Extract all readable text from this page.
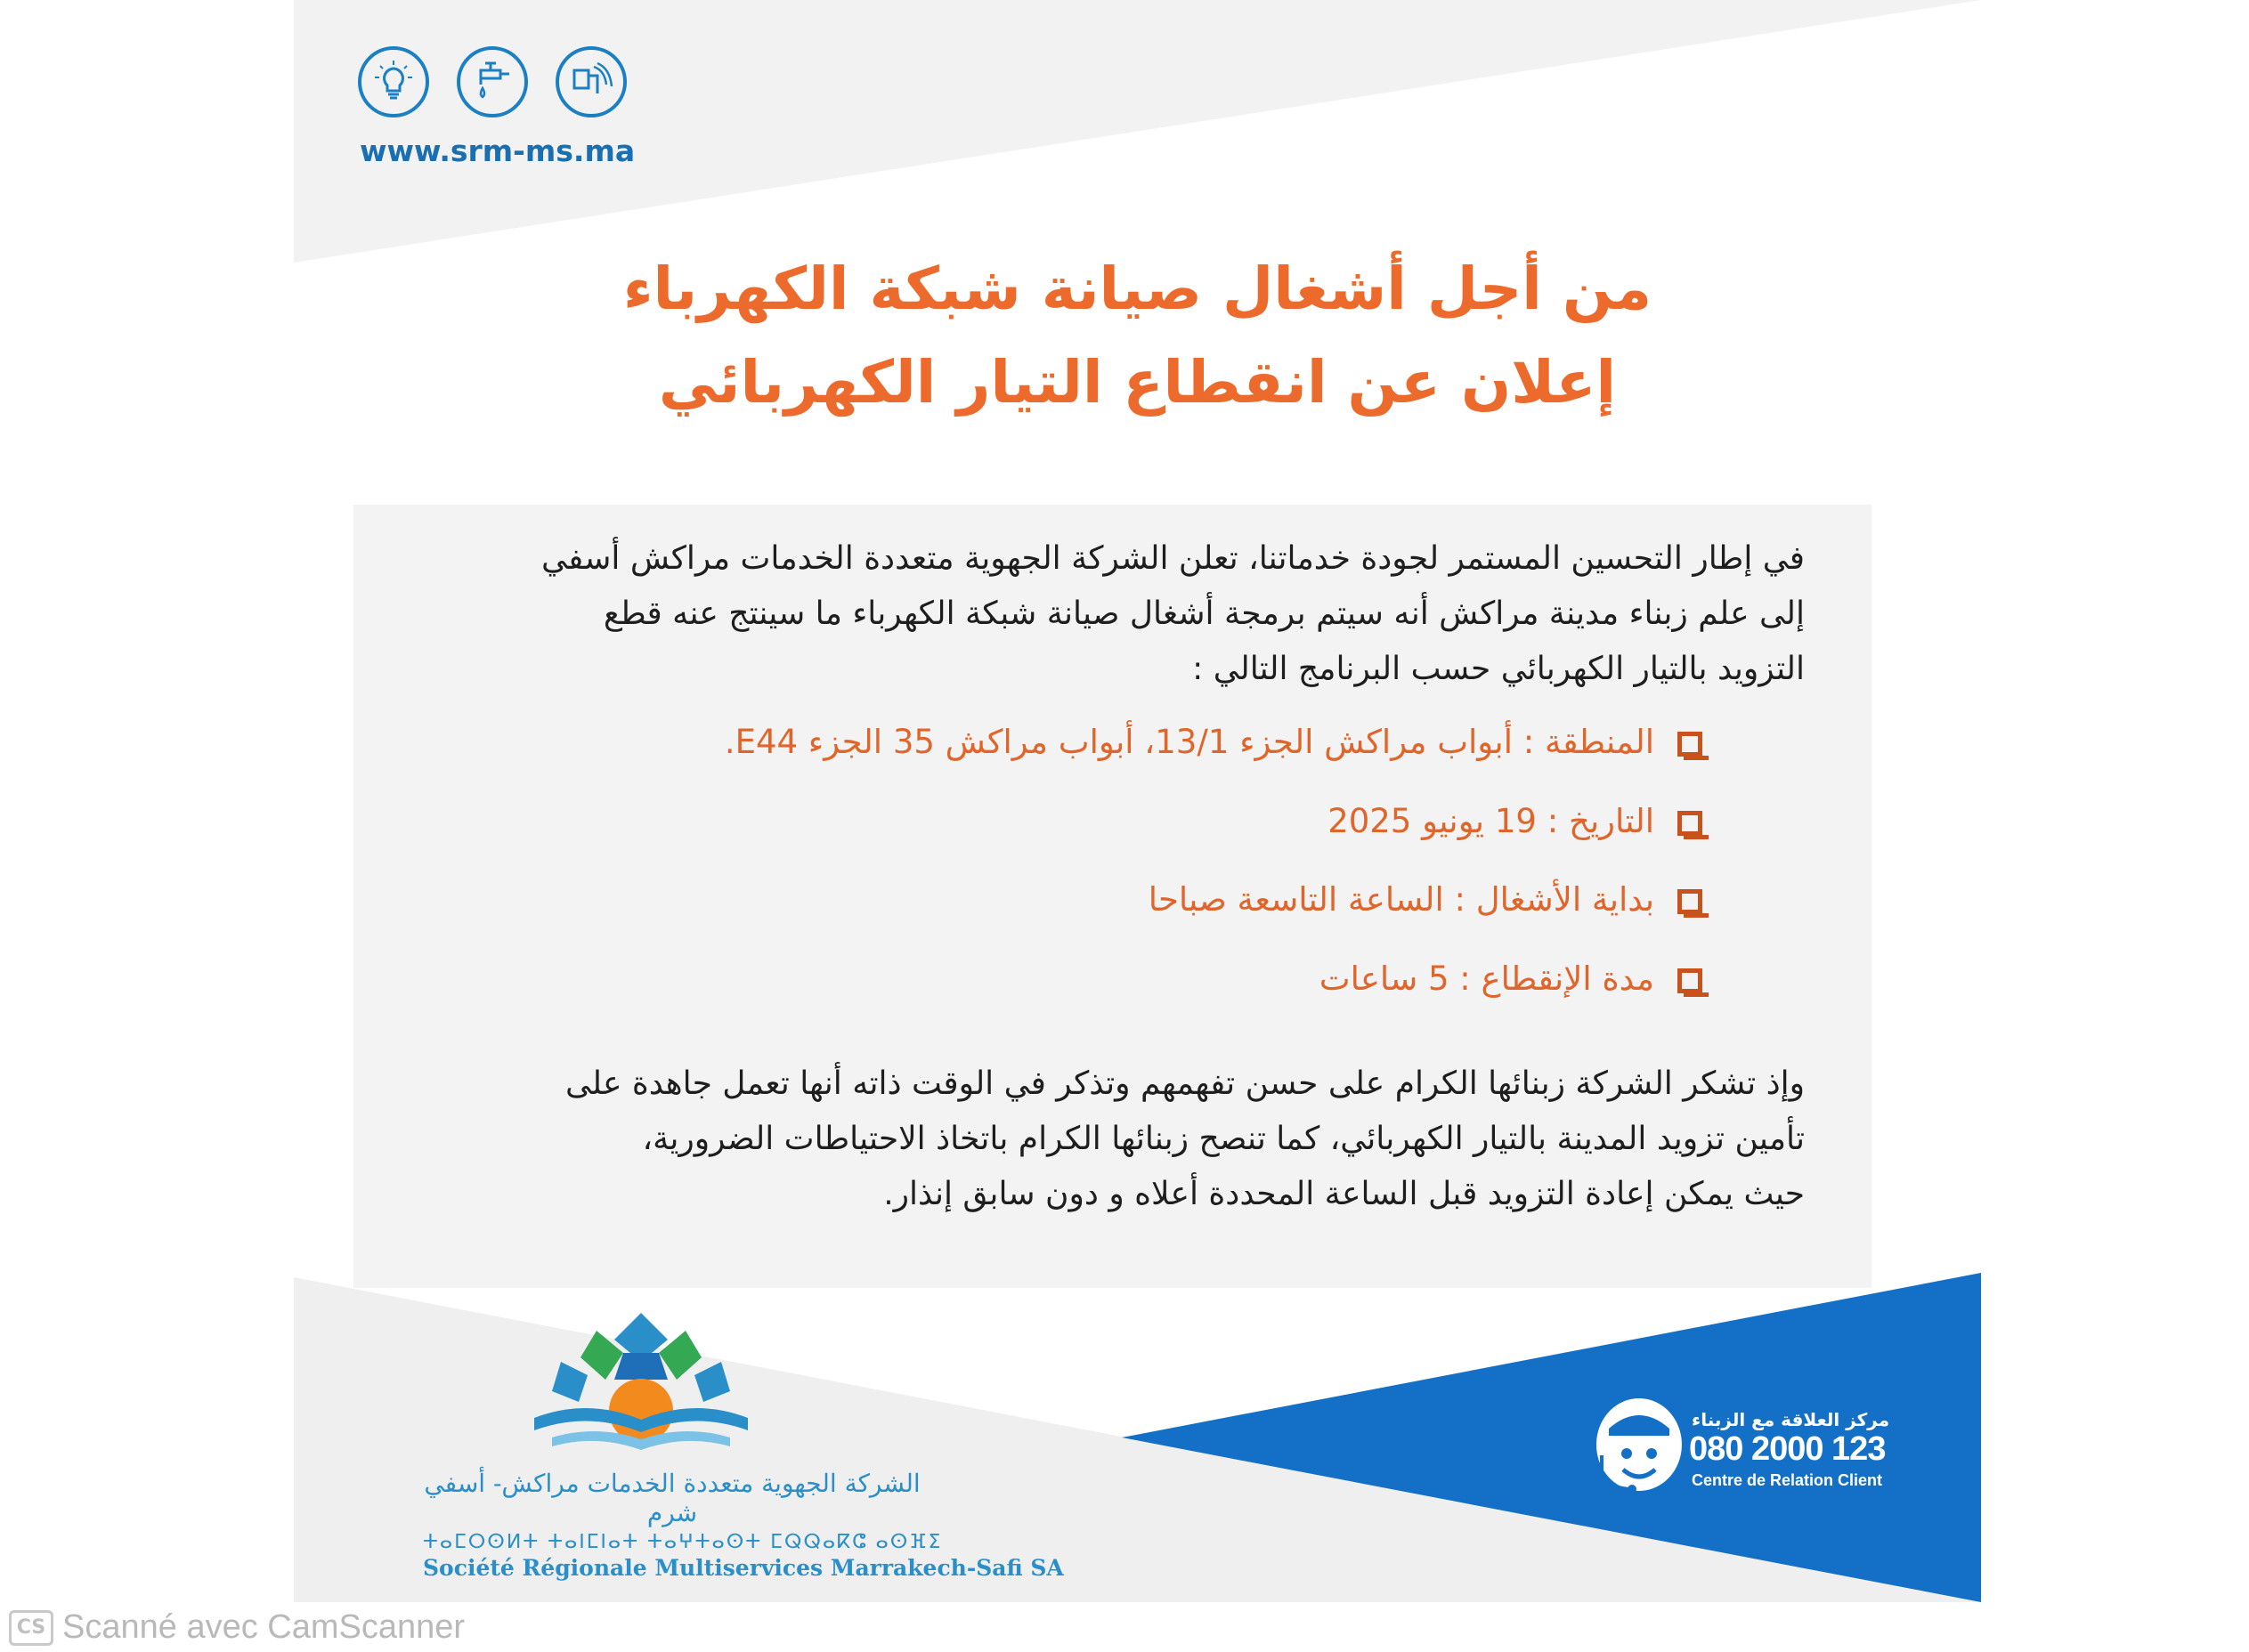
www.srm-ms.ma
من أجل أشغال صيانة شبكة الكهرباء
إعلان عن انقطاع التيار الكهربائي
في إطار التحسين المستمر لجودة خدماتنا، تعلن الشركة الجهوية متعددة الخدمات مراكش أسفي
إلى علم زبناء مدينة مراكش أنه سيتم برمجة أشغال صيانة شبكة الكهرباء ما سينتج عنه قطع
التزويد بالتيار الكهربائي حسب البرنامج التالي :
المنطقة : أبواب مراكش الجزء 13/1، أبواب مراكش 35 الجزء E44.
التاريخ : 19 يونيو 2025
بداية الأشغال : الساعة التاسعة صباحا
مدة الإنقطاع : 5 ساعات
وإذ تشكر الشركة زبنائها الكرام على حسن تفهمهم وتذكر في الوقت ذاته أنها تعمل جاهدة على
تأمين تزويد المدينة بالتيار الكهربائي، كما تنصح زبنائها الكرام باتخاذ الاحتياطات الضرورية،
حيث يمكن إعادة التزويد قبل الساعة المحددة أعلاه و دون سابق إنذار.
الشركة الجهوية متعددة الخدمات مراكش- أسفي شرم
ⵜⴰⵎⵔⵙⵍⵜ ⵜⴰⵏⵎⵏⴰⵜ ⵜⴰⵖⵜⴰⵙⵜ ⵎⵕⵕⴰⴽⵛ ⴰⵙⴼⵉ
Société Régionale Multiservices Marrakech-Safi SA
مركز العلاقة مع الزبناء
080 2000 123
Centre de Relation Client
CS Scanné avec CamScanner
